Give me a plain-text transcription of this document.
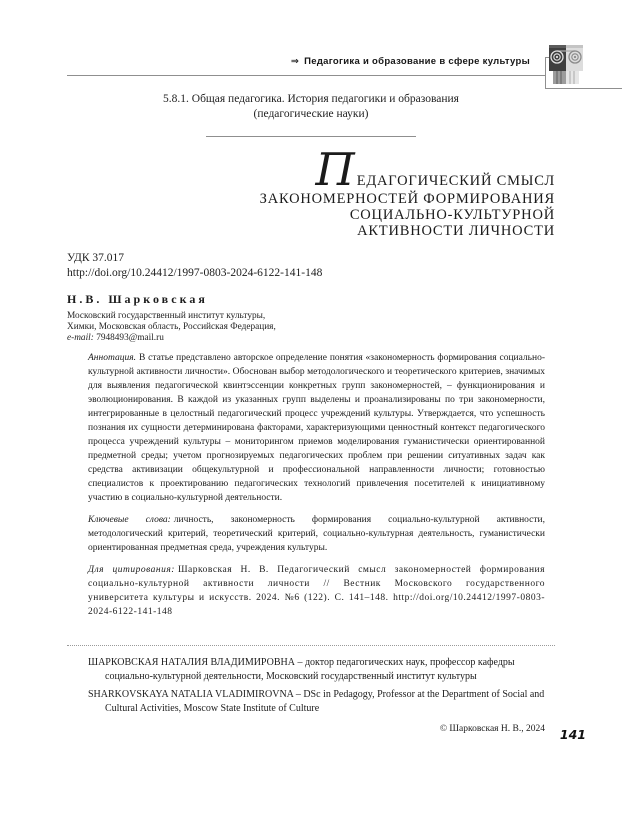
⇒ Педагогика и образование в сфере культуры
5.8.1. Общая педагогика. История педагогики и образования
(педагогические науки)
П ЕДАГОГИЧЕСКИЙ СМЫСЛ
ЗАКОНОМЕРНОСТЕЙ ФОРМИРОВАНИЯ
СОЦИАЛЬНО-КУЛЬТУРНОЙ
АКТИВНОСТИ ЛИЧНОСТИ
УДК 37.017
http://doi.org/10.24412/1997-0803-2024-6122-141-148
Н.В. Шарковская
Московский государственный институт культуры,
Химки, Московская область, Российская Федерация,
e-mail: 7948493@mail.ru

Аннотация. В статье представлено авторское определение понятия «закономерность формирования социально-культурной активности личности». Обоснован выбор методологического и теоретического критериев, значимых для выявления педагогической квинтэссенции конкретных групп закономерностей, – функционирования и эволюционирования. В каждой из указанных групп выделены и проанализированы по три закономерности, интегрированные в целостный педагогический процесс учреждений культуры. Утверждается, что успешность познания их сущности детерминирована факторами, характеризующими ценностный контекст педагогического процесса учреждений культуры – мониторингом приемов моделирования гуманистически ориентированной предметной среды; учетом прогнозируемых педагогических проблем при решении ситуативных задач как средства активизации общекультурной и профессиональной направленности личности; готовностью специалистов к проектированию педагогических технологий привлечения посетителей к инициативному участию в социально-культурной деятельности.

Ключевые слова: личность, закономерность формирования социально-культурной активности, методологический критерий, теоретический критерий, социально-культурная деятельность, гуманистически ориентированная предметная среда, учреждения культуры.

Для цитирования: Шарковская Н. В. Педагогический смысл закономерностей формирования социально-культурной активности личности // Вестник Московского государственного университета культуры и искусств. 2024. №6 (122). С. 141–148. http://doi.org/10.24412/1997-0803-2024-6122-141-148

ШАРКОВСКАЯ НАТАЛИЯ ВЛАДИМИРОВНА – доктор педагогических наук, профессор кафедры социально-культурной деятельности, Московский государственный институт культуры

SHARKOVSKAYA NATALIA VLADIMIROVNA – DSc in Pedagogy, Professor at the Department of Social and Cultural Activities, Moscow State Institute of Culture

© Шарковская Н. В., 2024 141
